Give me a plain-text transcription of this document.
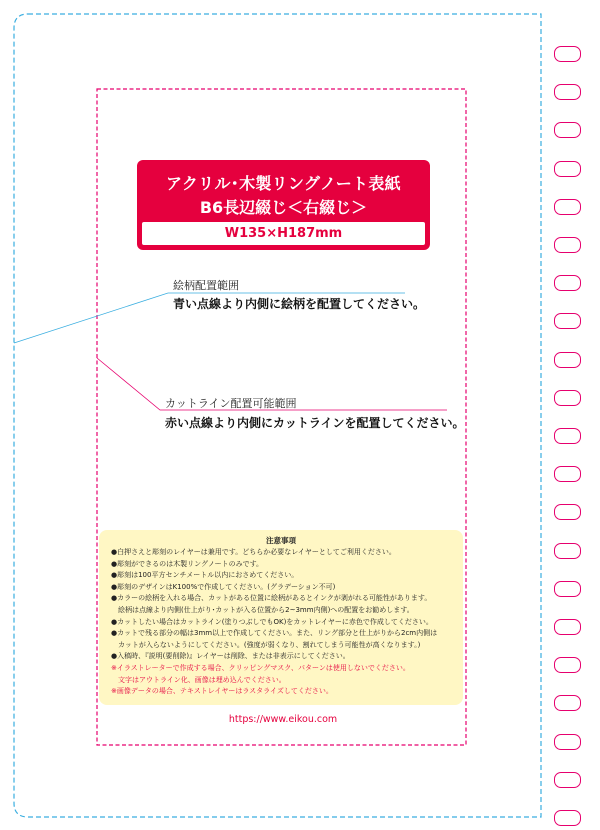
アクリル･木製リングノート表紙
B6長辺綴じ＜右綴じ＞
W135×H187mm
絵柄配置範囲
青い点線より内側に絵柄を配置してください。
カットライン配置可能範囲
赤い点線より内側にカットラインを配置してください。
注意事項
●白押さえと彫刻のレイヤーは兼用です。どちらか必要なレイヤーとしてご利用ください。
●彫刻ができるのは木製リングノートのみです。
●彫刻は100平方センチメートル以内におさめてください。
●彫刻のデザインはK100%で作成してください。(グラデーション不可)
●カラーの絵柄を入れる場合、カットがある位置に絵柄があるとインクが剥がれる可能性があります。
　絵柄は点線より内側(仕上がり･カットが入る位置から2~3mm内側)への配置をお勧めします。
●カットしたい場合はカットライン(塗りつぶしでもOK)をカットレイヤーに赤色で作成してください。
●カットで残る部分の幅は3mm以上で作成してください。また、リング部分と仕上がりから2cm内側は
　カットが入らないようにしてください。(強度が弱くなり、割れてしまう可能性が高くなります。)
●入稿時、『説明(要削除)』レイヤーは削除、または非表示にしてください。
※イラストレーターで作成する場合、クリッピングマスク、パターンは使用しないでください。
　文字はアウトライン化、画像は埋め込んでください。
※画像データの場合、テキストレイヤーはラスタライズしてください。
https://www.eikou.com
